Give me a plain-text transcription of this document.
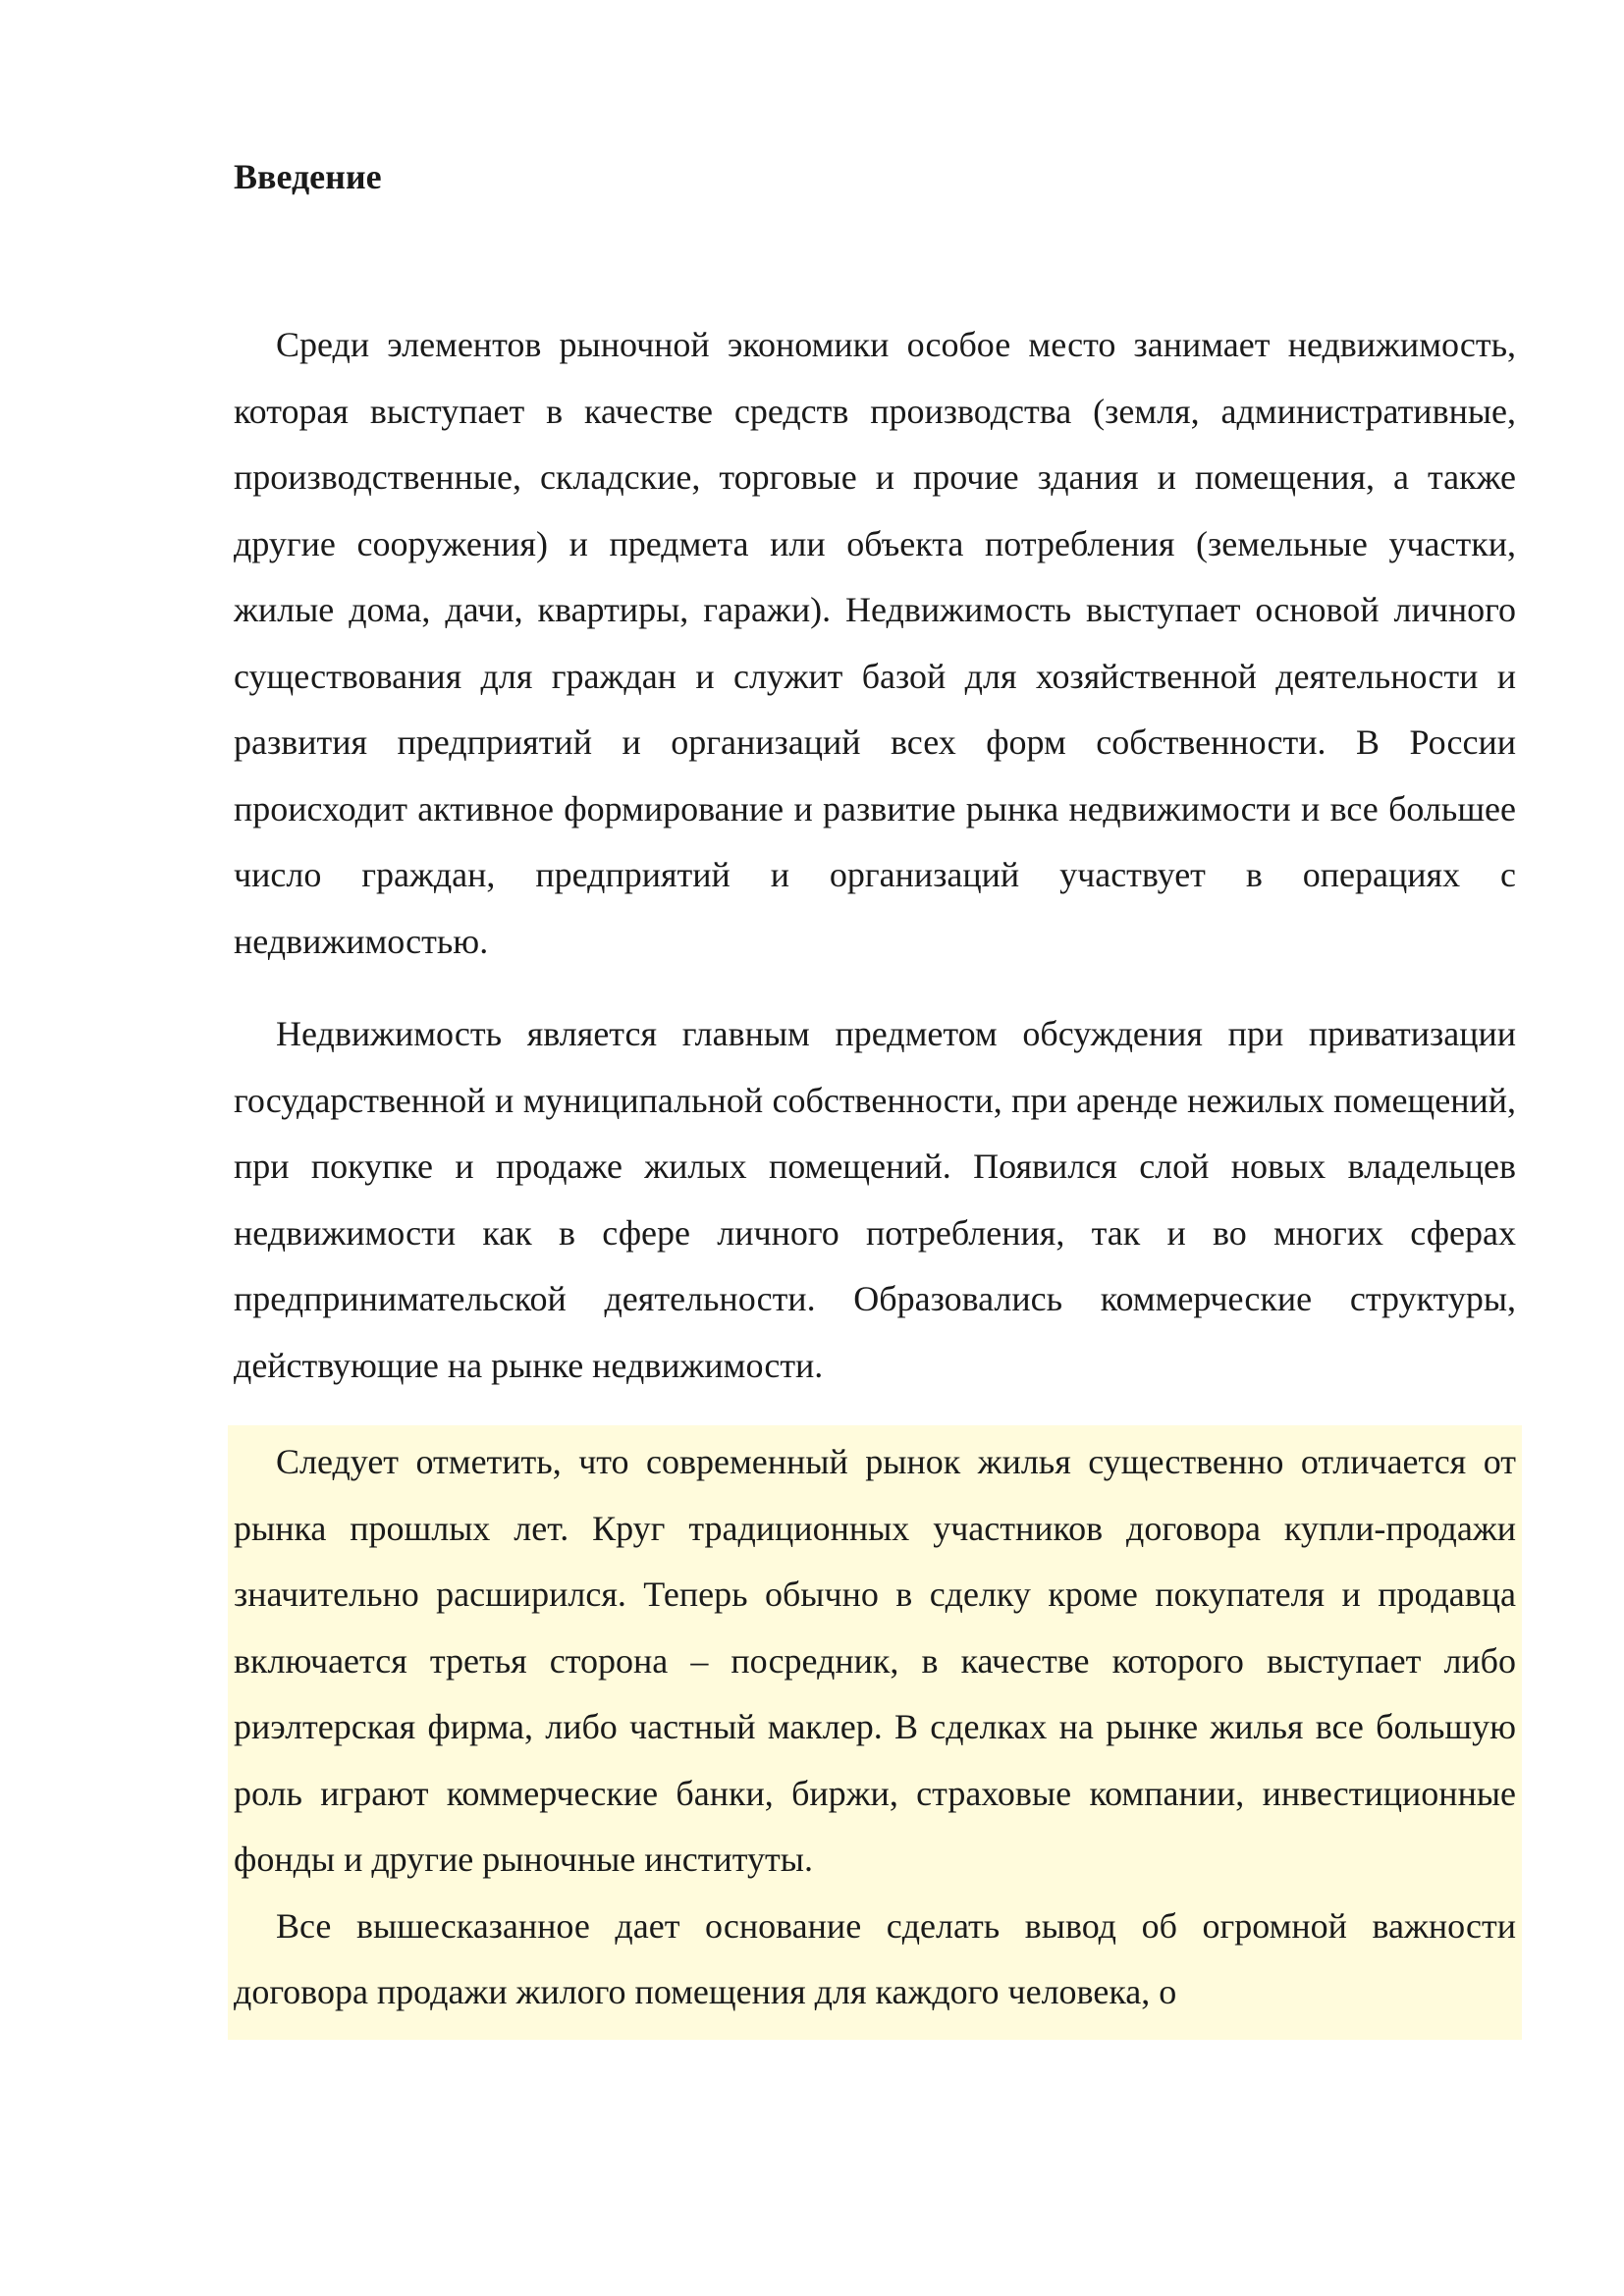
Введение

Среди элементов рыночной экономики особое место занимает недвижимость, которая выступает в качестве средств производства (земля, административные, производственные, складские, торговые и прочие здания и помещения, а также другие сооружения) и предмета или объекта потребления (земельные участки, жилые дома, дачи, квартиры, гаражи). Недвижимость выступает основой личного существования для граждан и служит базой для хозяйственной деятельности и развития предприятий и организаций всех форм собственности. В России происходит активное формирование и развитие рынка недвижимости и все большее число граждан, предприятий и организаций участвует в операциях с недвижимостью.

Недвижимость является главным предметом обсуждения при приватизации государственной и муниципальной собственности, при аренде нежилых помещений, при покупке и продаже жилых помещений. Появился слой новых владельцев недвижимости как в сфере личного потребления, так и во многих сферах предпринимательской деятельности. Образовались коммерческие структуры, действующие на рынке недвижимости.

Следует отметить, что современный рынок жилья существенно отличается от рынка прошлых лет. Круг традиционных участников договора купли-продажи значительно расширился. Теперь обычно в сделку кроме покупателя и продавца включается третья сторона – посредник, в качестве которого выступает либо риэлтерская фирма, либо частный маклер. В сделках на рынке жилья все большую роль играют коммерческие банки, биржи, страховые компании, инвестиционные фонды и другие рыночные институты.

Все вышесказанное дает основание сделать вывод об огромной важности договора продажи жилого помещения для каждого человека, о
